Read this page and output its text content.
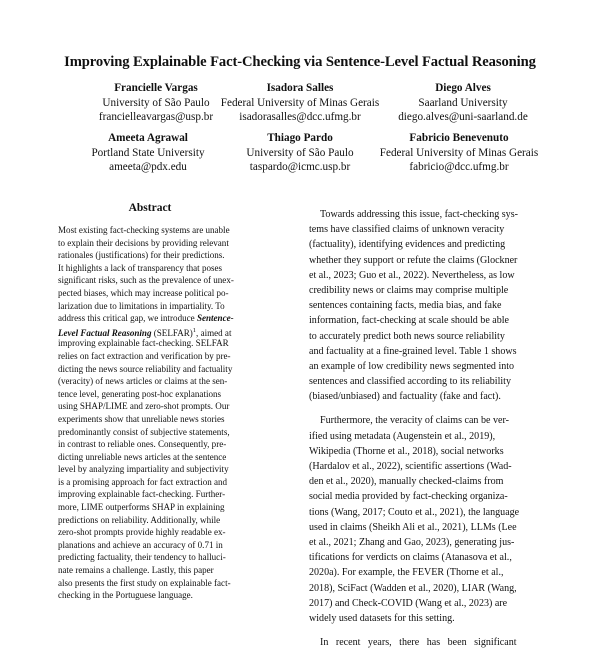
Improving Explainable Fact-Checking via Sentence-Level Factual Reasoning
Francielle Vargas
University of São Paulo
francielleavargas@usp.br
Isadora Salles
Federal University of Minas Gerais
isadorasalles@dcc.ufmg.br
Diego Alves
Saarland University
diego.alves@uni-saarland.de
Ameeta Agrawal
Portland State University
ameeta@pdx.edu
Thiago Pardo
University of São Paulo
taspardo@icmc.usp.br
Fabricio Benevenuto
Federal University of Minas Gerais
fabricio@dcc.ufmg.br
Abstract
Most existing fact-checking systems are unable
to explain their decisions by providing relevant
rationales (justifications) for their predictions.
It highlights a lack of transparency that poses
significant risks, such as the prevalence of unex-
pected biases, which may increase political po-
larization due to limitations in impartiality. To
address this critical gap, we introduce Sentence-
Level Factual Reasoning (SELFAR)$^1$, aimed at
improving explainable fact-checking. SELFAR
relies on fact extraction and verification by pre-
dicting the news source reliability and factuality
(veracity) of news articles or claims at the sen-
tence level, generating post-hoc explanations
using SHAP/LIME and zero-shot prompts. Our
experiments show that unreliable news stories
predominantly consist of subjective statements,
in contrast to reliable ones. Consequently, pre-
dicting unreliable news articles at the sentence
level by analyzing impartiality and subjectivity
is a promising approach for fact extraction and
improving explainable fact-checking. Further-
more, LIME outperforms SHAP in explaining
predictions on reliability. Additionally, while
zero-shot prompts provide highly readable ex-
planations and achieve an accuracy of 0.71 in
predicting factuality, their tendency to halluci-
nate remains a challenge. Lastly, this paper
also presents the first study on explainable fact-
checking in the Portuguese language.
Towards addressing this issue, fact-checking sys-
tems have classified claims of unknown veracity
(factuality), identifying evidences and predicting
whether they support or refute the claims (Glockner
et al., 2023; Guo et al., 2022). Nevertheless, as low
credibility news or claims may comprise multiple
sentences containing facts, media bias, and fake
information, fact-checking at scale should be able
to accurately predict both news source reliability
and factuality at a fine-grained level. Table 1 shows
an example of low credibility news segmented into
sentences and classified according to its reliability
(biased/unbiased) and factuality (fake and fact).
Furthermore, the veracity of claims can be ver-
ified using metadata (Augenstein et al., 2019),
Wikipedia (Thorne et al., 2018), social networks
(Hardalov et al., 2022), scientific assertions (Wad-
den et al., 2020), manually checked-claims from
social media provided by fact-checking organiza-
tions (Wang, 2017; Couto et al., 2021), the language
used in claims (Sheikh Ali et al., 2021), LLMs (Lee
et al., 2021; Zhang and Gao, 2023), generating jus-
tifications for verdicts on claims (Atanasova et al.,
2020a). For example, the FEVER (Thorne et al.,
2018), SciFact (Wadden et al., 2020), LIAR (Wang,
2017) and Check-COVID (Wang et al., 2023) are
widely used datasets for this setting.
In recent years, there has been significant
